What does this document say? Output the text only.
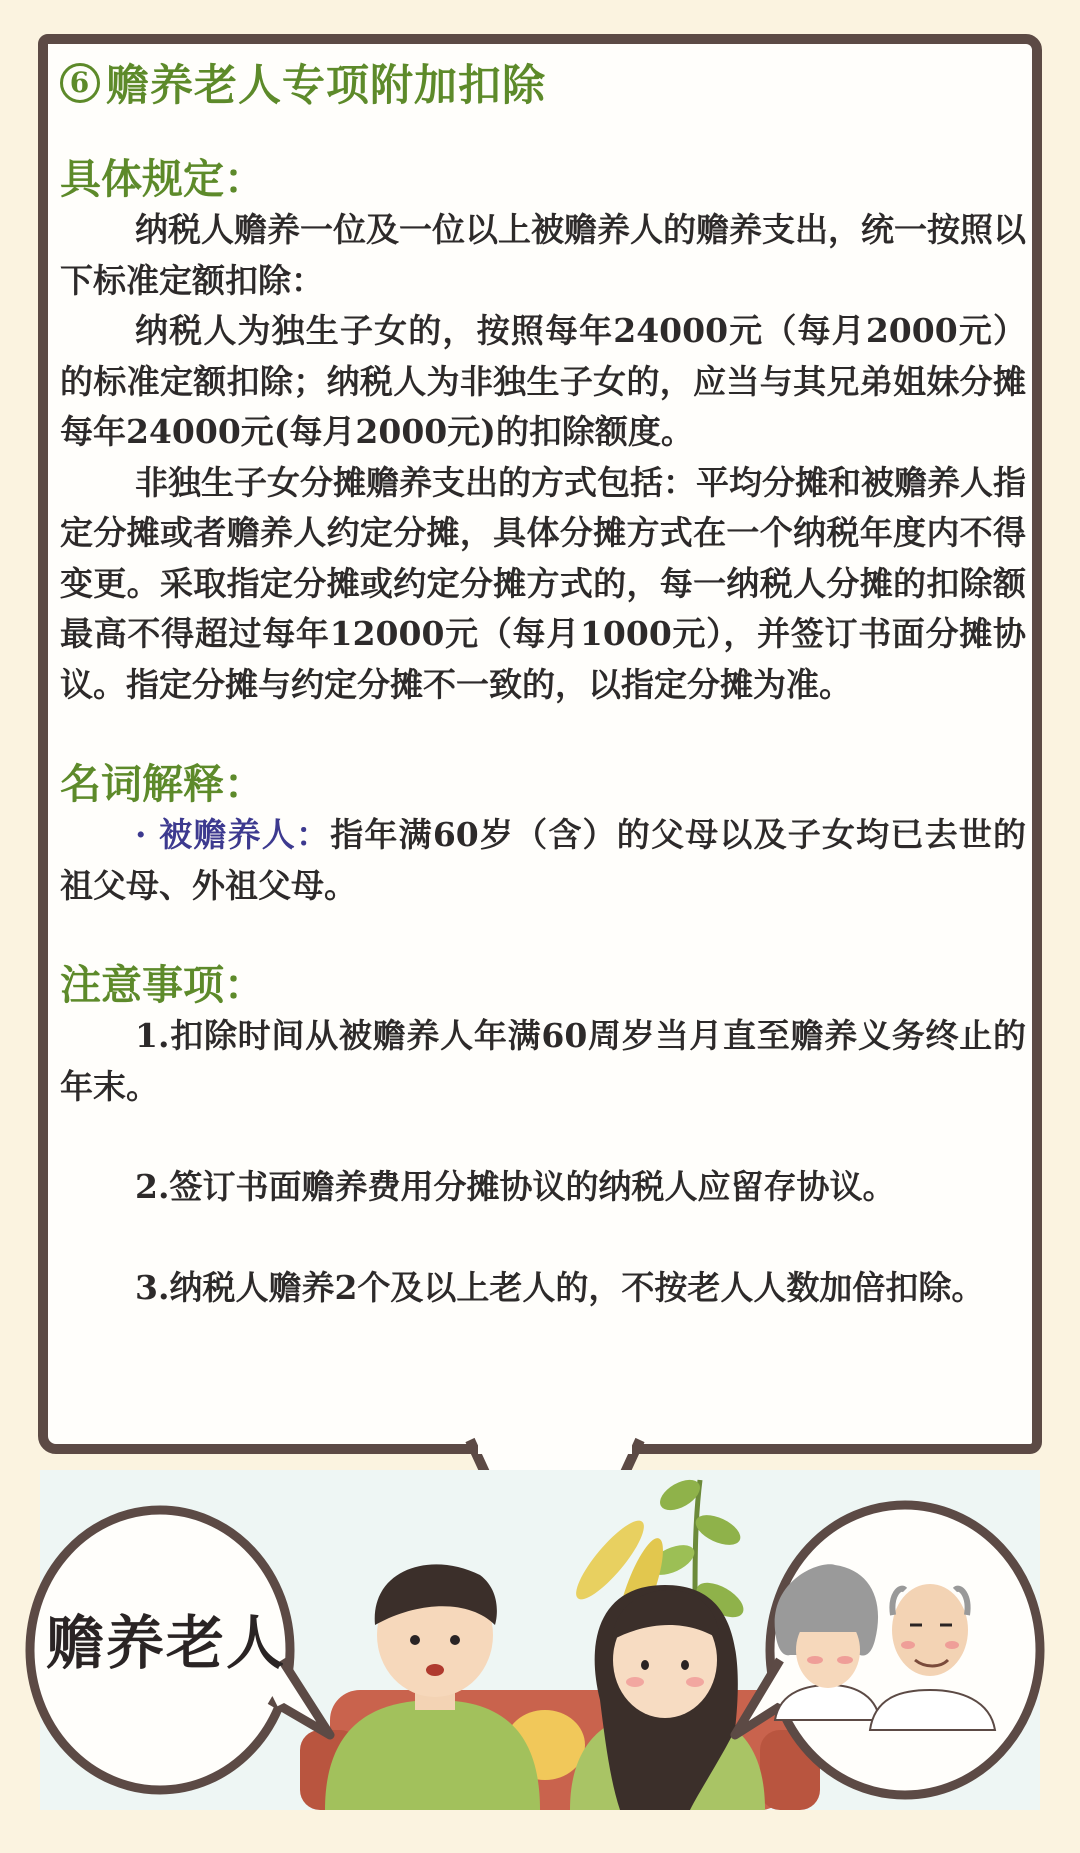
6 赡养老人专项附加扣除

具体规定：

纳税人赡养一位及一位以上被赡养人的赡养支出，统一按照以下标准定额扣除：

纳税人为独生子女的，按照每年24000元（每月2000元）的标准定额扣除；纳税人为非独生子女的，应当与其兄弟姐妹分摊每年24000元(每月2000元)的扣除额度。

非独生子女分摊赡养支出的方式包括：平均分摊和被赡养人指定分摊或者赡养人约定分摊，具体分摊方式在一个纳税年度内不得变更。采取指定分摊或约定分摊方式的，每一纳税人分摊的扣除额最高不得超过每年12000元（每月1000元），并签订书面分摊协议。指定分摊与约定分摊不一致的，以指定分摊为准。

名词解释：

· 被赡养人：指年满60岁（含）的父母以及子女均已去世的祖父母、外祖父母。

注意事项：

1.扣除时间从被赡养人年满60周岁当月直至赡养义务终止的年末。

2.签订书面赡养费用分摊协议的纳税人应留存协议。

3.纳税人赡养2个及以上老人的，不按老人人数加倍扣除。

赡养老人
